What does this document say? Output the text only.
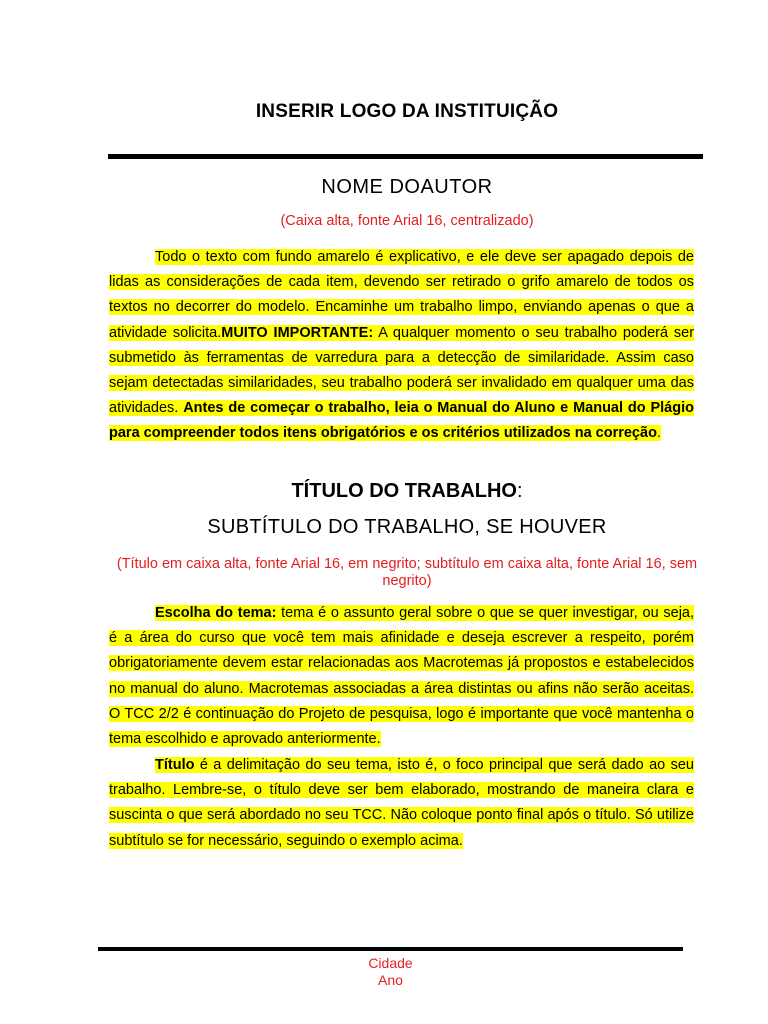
INSERIR LOGO DA INSTITUIÇÃO
NOME DOAUTOR
(Caixa alta, fonte Arial 16, centralizado)
Todo o texto com fundo amarelo é explicativo, e ele deve ser apagado depois de lidas as considerações de cada item, devendo ser retirado o grifo amarelo de todos os textos no decorrer do modelo. Encaminhe um trabalho limpo, enviando apenas o que a atividade solicita.MUITO IMPORTANTE: A qualquer momento o seu trabalho poderá ser submetido às ferramentas de varredura para a detecção de similaridade. Assim caso sejam detectadas similaridades, seu trabalho poderá ser invalidado em qualquer uma das atividades. Antes de começar o trabalho, leia o Manual do Aluno e Manual do Plágio para compreender todos itens obrigatórios e os critérios utilizados na correção.
TÍTULO DO TRABALHO:
SUBTÍTULO DO TRABALHO, SE HOUVER
(Título em caixa alta, fonte Arial 16, em negrito; subtítulo em caixa alta, fonte Arial 16, sem negrito)
Escolha do tema: tema é o assunto geral sobre o que se quer investigar, ou seja, é a área do curso que você tem mais afinidade e deseja escrever a respeito, porém obrigatoriamente devem estar relacionadas aos Macrotemas já propostos e estabelecidos no manual do aluno. Macrotemas associadas a área distintas ou afins não serão aceitas. O TCC 2/2 é continuação do Projeto de pesquisa, logo é importante que você mantenha o tema escolhido e aprovado anteriormente.
Título é a delimitação do seu tema, isto é, o foco principal que será dado ao seu trabalho. Lembre-se, o título deve ser bem elaborado, mostrando de maneira clara e suscinta o que será abordado no seu TCC. Não coloque ponto final após o título. Só utilize subtítulo se for necessário, seguindo o exemplo acima.
Cidade
Ano
